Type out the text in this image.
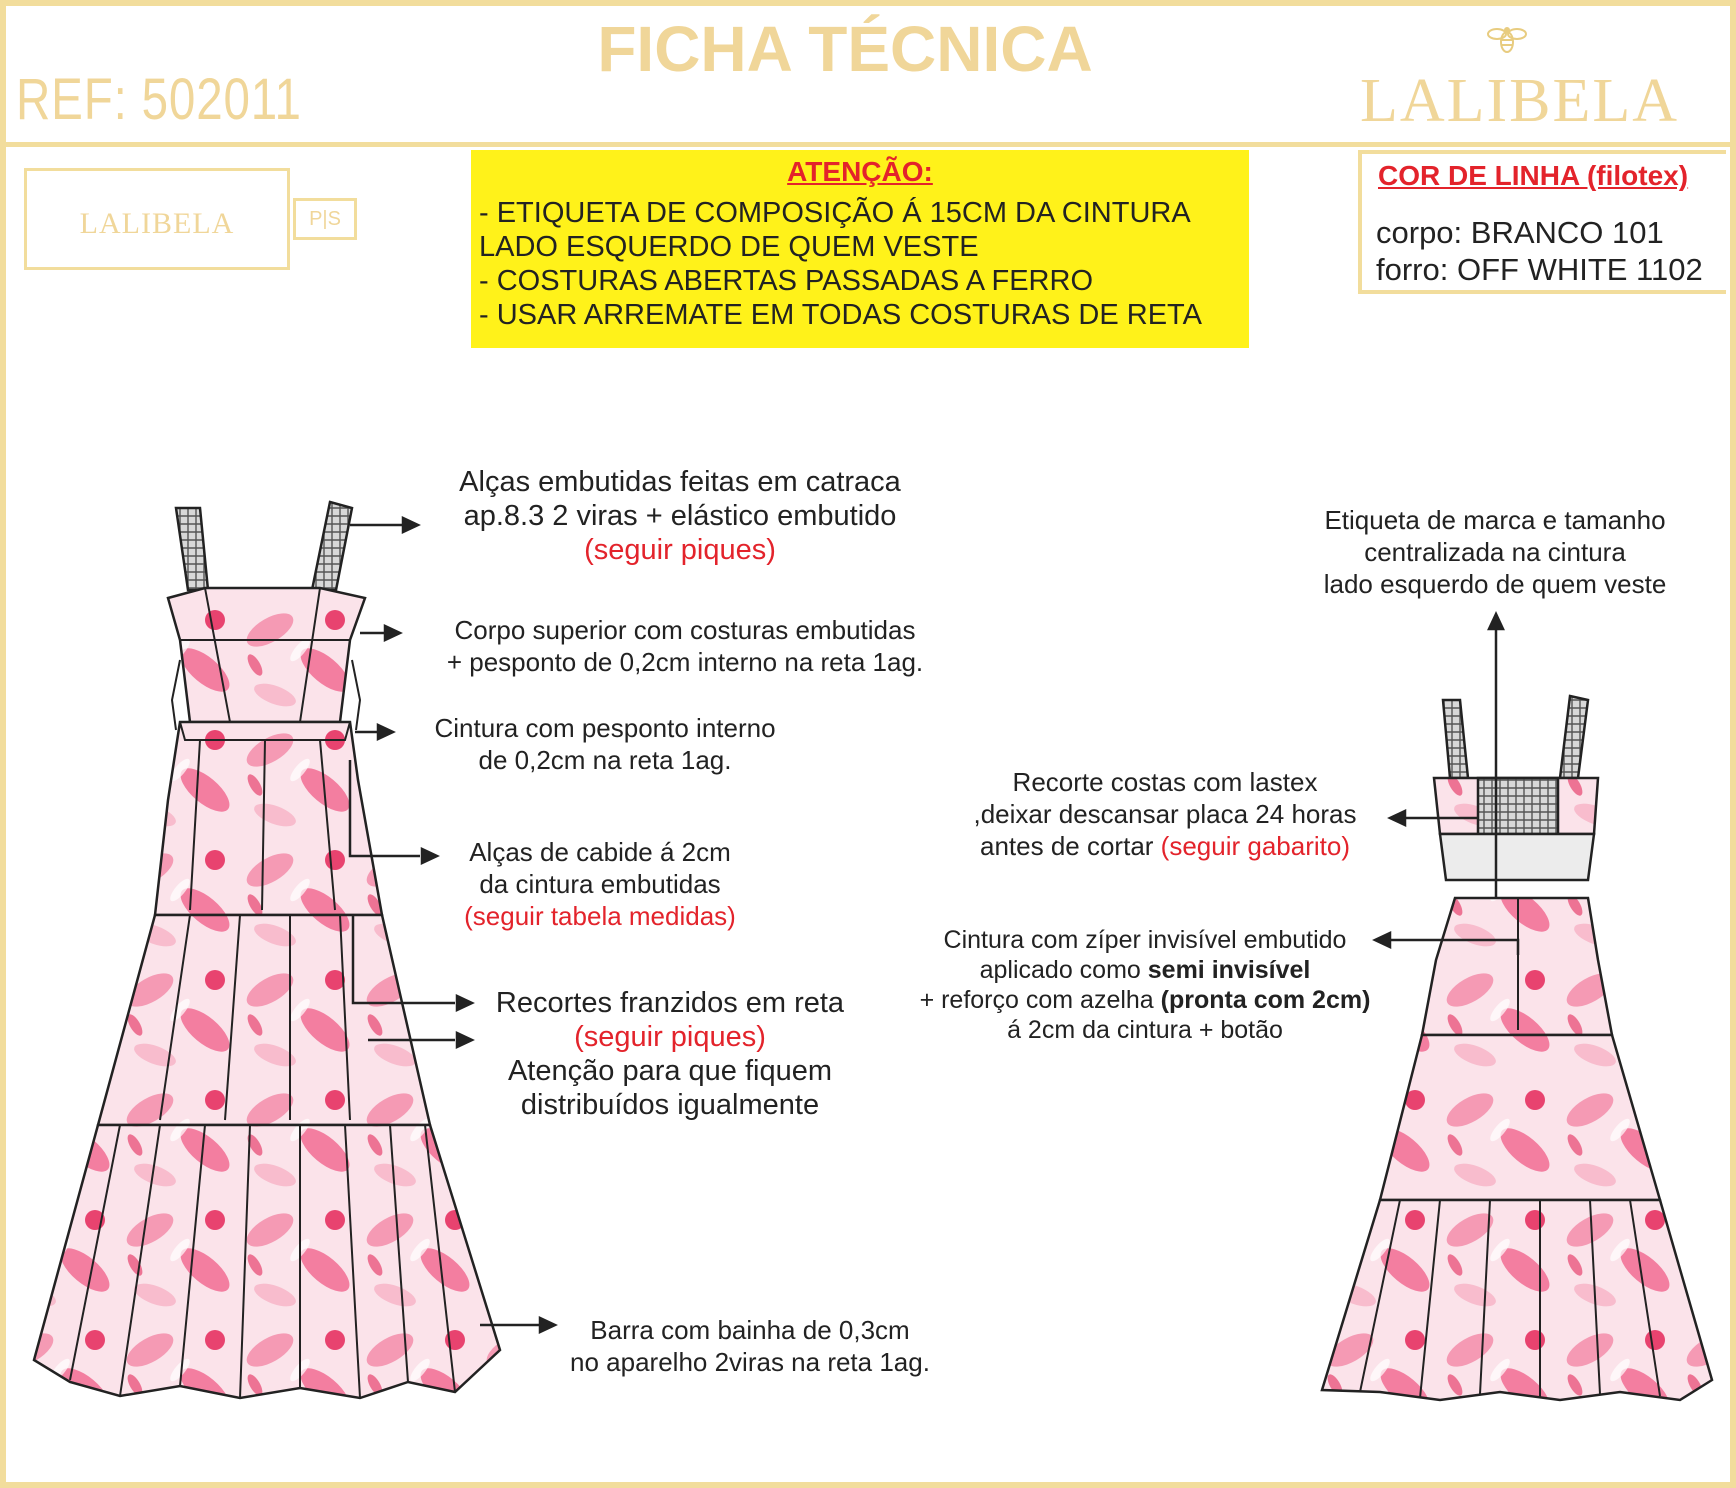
REF: 502011
FICHA TÉCNICA
LALIBELA
LALIBELA	P|S
ATENÇÃO:
- ETIQUETA DE COMPOSIÇÃO Á 15CM DA CINTURA
LADO ESQUERDO DE QUEM VESTE
- COSTURAS ABERTAS PASSADAS A FERRO
- USAR ARREMATE EM TODAS COSTURAS DE RETA
COR DE LINHA (filotex)
corpo: BRANCO 101
forro: OFF WHITE 1102
Alças embutidas feitas em catraca
ap.8.3 2 viras + elástico embutido
(seguir piques)
Corpo superior com costuras embutidas
+ pesponto de 0,2cm interno na reta 1ag.
Cintura com pesponto interno
de 0,2cm na reta 1ag.
Alças de cabide á 2cm
da cintura embutidas
(seguir tabela medidas)
Recortes franzidos em reta
(seguir piques)
Atenção para que fiquem
distribuídos igualmente
Barra com bainha de 0,3cm
no aparelho 2viras na reta 1ag.
Etiqueta de marca e tamanho
centralizada na cintura
lado esquerdo de quem veste
Recorte costas com lastex
,deixar descansar placa 24 horas
antes de cortar (seguir gabarito)
Cintura com zíper invisível embutido
aplicado como semi invisível
+ reforço com azelha (pronta com 2cm)
á 2cm da cintura + botão
